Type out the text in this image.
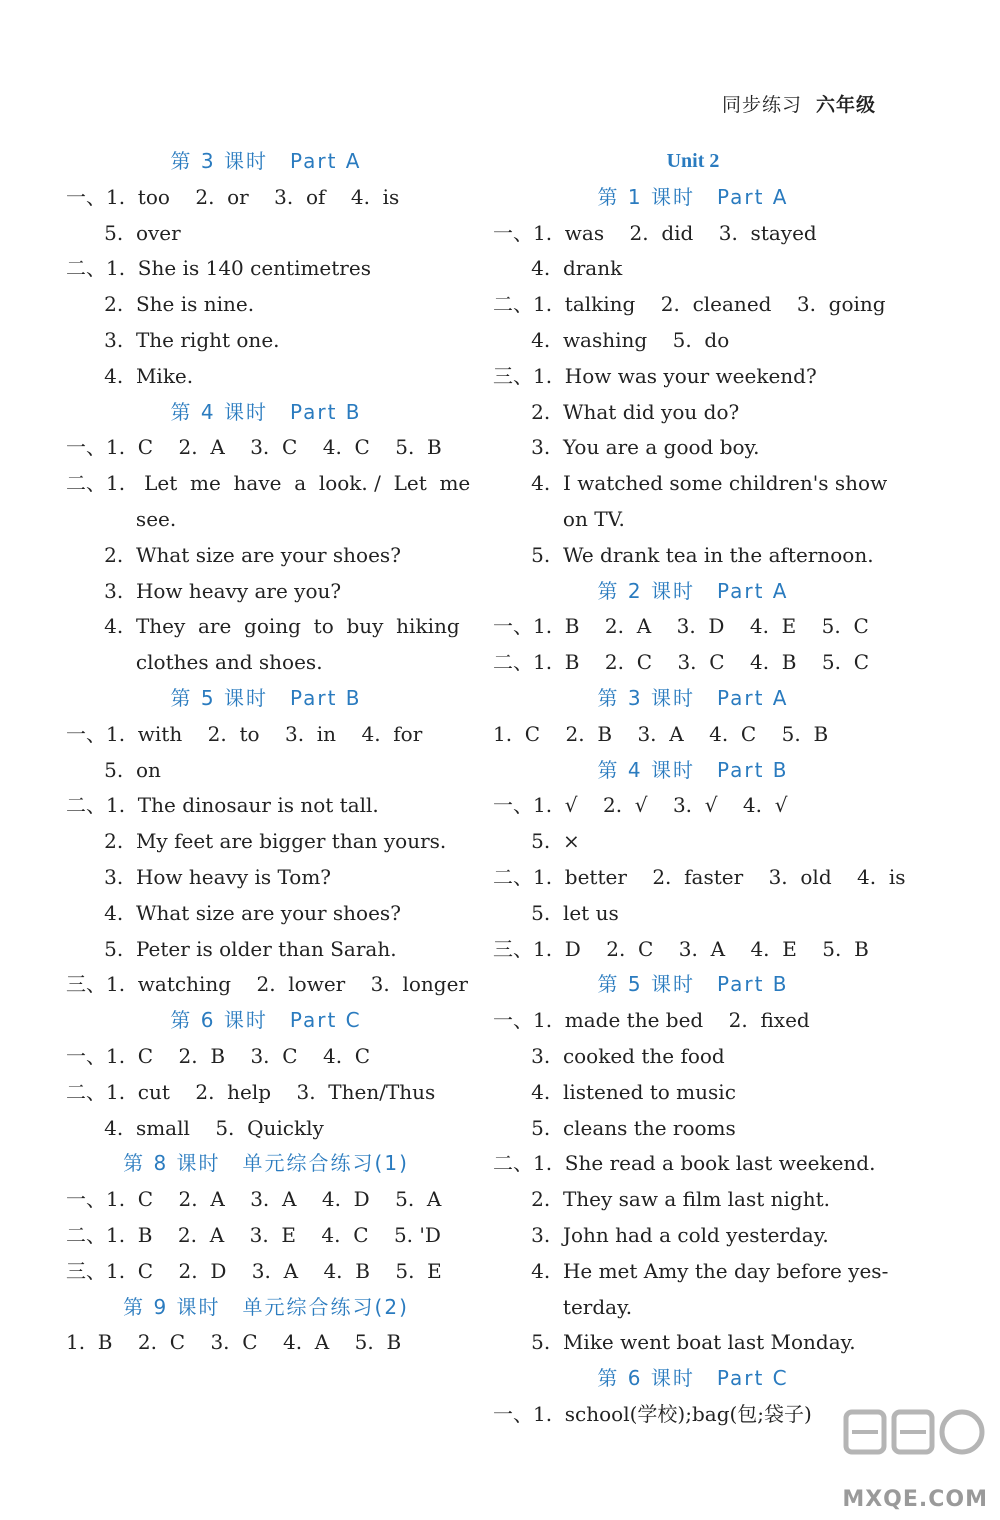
同步练习 六年级
第 3 课时　Part A
一、1.  too    2.  or    3.  of    4.  is
5.  over
二、1.  She is 140 centimetres
2.  She is nine.
3.  The right one.
4.  Mike.
第 4 课时　Part B
一、1.  C    2.  A    3.  C    4.  C    5.  B
二、1.   Let  me  have  a  look. /  Let  me
see.
2.  What size are your shoes?
3.  How heavy are you?
4.  They  are  going  to  buy  hiking
clothes and shoes.
第 5 课时　Part B
一、1.  with    2.  to    3.  in    4.  for
5.  on
二、1.  The dinosaur is not tall.
2.  My feet are bigger than yours.
3.  How heavy is Tom?
4.  What size are your shoes?
5.  Peter is older than Sarah.
三、1.  watching    2.  lower    3.  longer
第 6 课时　Part C
一、1.  C    2.  B    3.  C    4.  C
二、1.  cut    2.  help    3.  Then/Thus
4.  small    5.  Quickly
第 8 课时　单元综合练习(1)
一、1.  C    2.  A    3.  A    4.  D    5.  A
二、1.  B    2.  A    3.  E    4.  C    5. 'D
三、1.  C    2.  D    3.  A    4.  B    5.  E
第 9 课时　单元综合练习(2)
1.  B    2.  C    3.  C    4.  A    5.  B
Unit 2
第 1 课时　Part A
一、1.  was    2.  did    3.  stayed
4.  drank
二、1.  talking    2.  cleaned    3.  going
4.  washing    5.  do
三、1.  How was your weekend?
2.  What did you do?
3.  You are a good boy.
4.  I watched some children's show
on TV.
5.  We drank tea in the afternoon.
第 2 课时　Part A
一、1.  B    2.  A    3.  D    4.  E    5.  C
二、1.  B    2.  C    3.  C    4.  B    5.  C
第 3 课时　Part A
1.  C    2.  B    3.  A    4.  C    5.  B
第 4 课时　Part B
一、1.  √    2.  √    3.  √    4.  √
5.  ×
二、1.  better    2.  faster    3.  old    4.  is
5.  let us
三、1.  D    2.  C    3.  A    4.  E    5.  B
第 5 课时　Part B
一、1.  made the bed    2.  fixed
3.  cooked the food
4.  listened to music
5.  cleans the rooms
二、1.  She read a book last weekend.
2.  They saw a film last night.
3.  John had a cold yesterday.
4.  He met Amy the day before yes-
terday.
5.  Mike went boat last Monday.
第 6 课时　Part C
一、1.  school(学校);bag(包;袋子)
MXQE.COM
